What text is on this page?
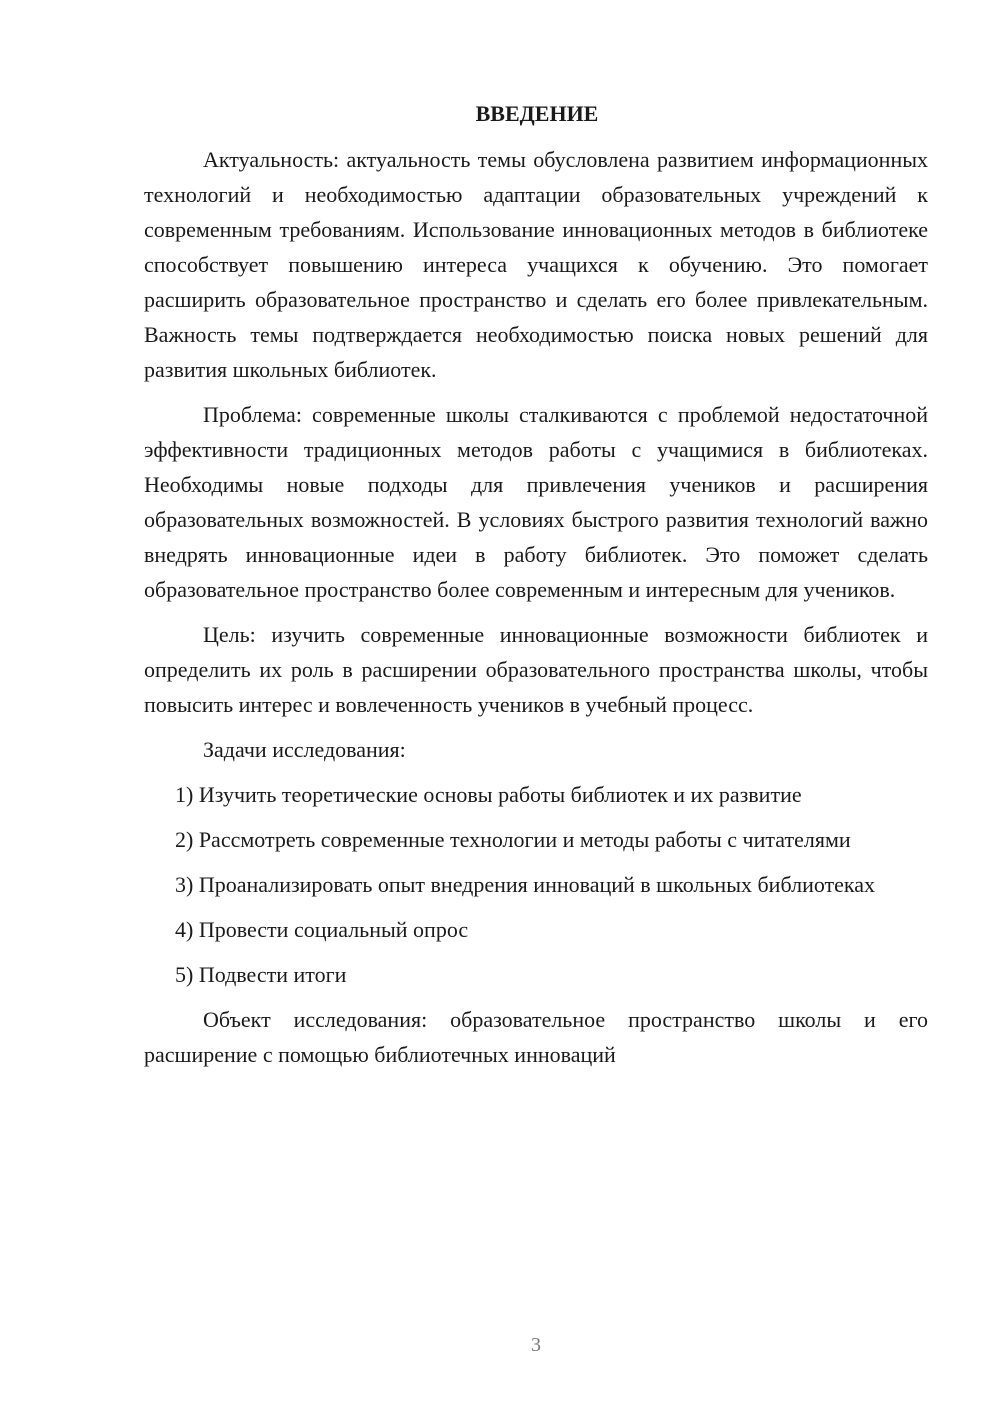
ВВЕДЕНИЕ

Актуальность: актуальность темы обусловлена развитием информационных технологий и необходимостью адаптации образовательных учреждений к современным требованиям. Использование инновационных методов в библиотеке способствует повышению интереса учащихся к обучению. Это помогает расширить образовательное пространство и сделать его более привлекательным. Важность темы подтверждается необходимостью поиска новых решений для развития школьных библиотек.

Проблема: современные школы сталкиваются с проблемой недостаточной эффективности традиционных методов работы с учащимися в библиотеках. Необходимы новые подходы для привлечения учеников и расширения образовательных возможностей. В условиях быстрого развития технологий важно внедрять инновационные идеи в работу библиотек. Это поможет сделать образовательное пространство более современным и интересным для учеников.

Цель: изучить современные инновационные возможности библиотек и определить их роль в расширении образовательного пространства школы, чтобы повысить интерес и вовлеченность учеников в учебный процесс.

Задачи исследования:

1) Изучить теоретические основы работы библиотек и их развитие

2) Рассмотреть современные технологии и методы работы с читателями

3) Проанализировать опыт внедрения инноваций в школьных библиотеках

4) Провести социальный опрос

5) Подвести итоги

Объект исследования: образовательное пространство школы и его расширение с помощью библиотечных инноваций

3
